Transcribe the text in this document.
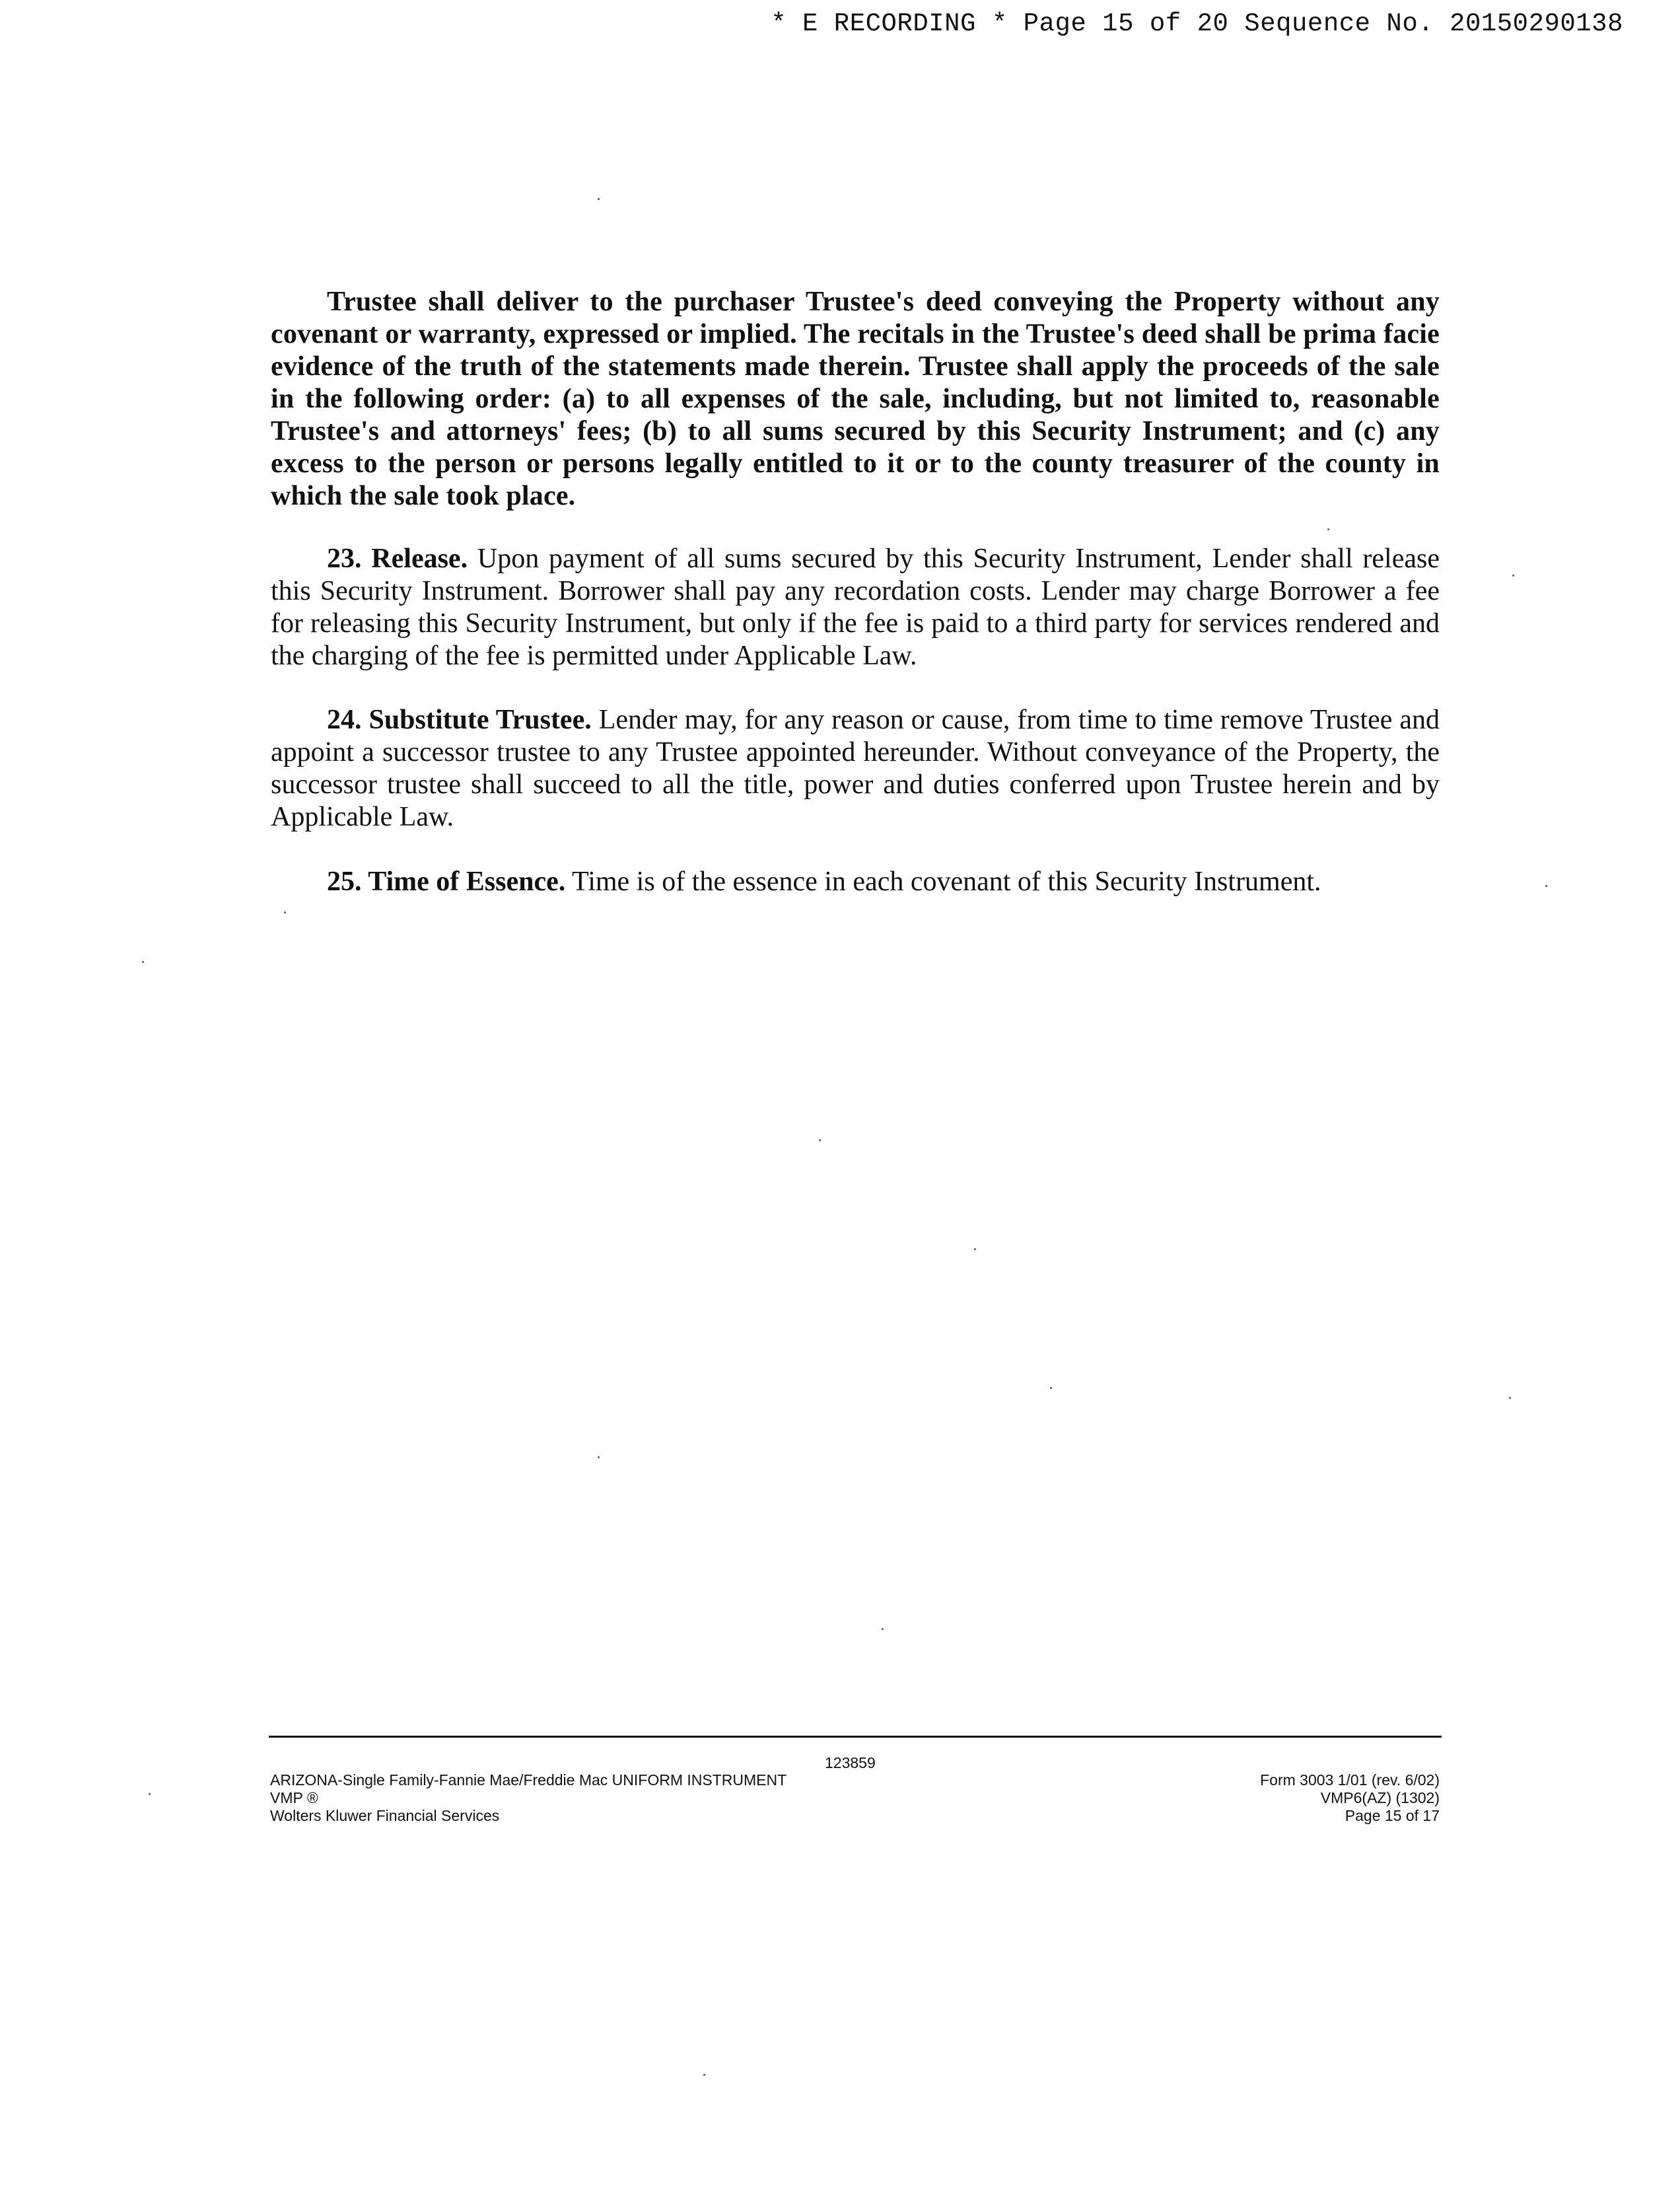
* E RECORDING * Page 15 of 20 Sequence No. 20150290138

Trustee shall deliver to the purchaser Trustee's deed conveying the Property without any covenant or warranty, expressed or implied. The recitals in the Trustee's deed shall be prima facie evidence of the truth of the statements made therein. Trustee shall apply the proceeds of the sale in the following order: (a) to all expenses of the sale, including, but not limited to, reasonable Trustee's and attorneys' fees; (b) to all sums secured by this Security Instrument; and (c) any excess to the person or persons legally entitled to it or to the county treasurer of the county in which the sale took place.

23. Release. Upon payment of all sums secured by this Security Instrument, Lender shall release this Security Instrument. Borrower shall pay any recordation costs. Lender may charge Borrower a fee for releasing this Security Instrument, but only if the fee is paid to a third party for services rendered and the charging of the fee is permitted under Applicable Law.

24. Substitute Trustee. Lender may, for any reason or cause, from time to time remove Trustee and appoint a successor trustee to any Trustee appointed hereunder. Without conveyance of the Property, the successor trustee shall succeed to all the title, power and duties conferred upon Trustee herein and by Applicable Law.

25. Time of Essence. Time is of the essence in each covenant of this Security Instrument.

123859
ARIZONA-Single Family-Fannie Mae/Freddie Mac UNIFORM INSTRUMENT
VMP ®
Wolters Kluwer Financial Services
Form 3003 1/01 (rev. 6/02)
VMP6(AZ) (1302)
Page 15 of 17
